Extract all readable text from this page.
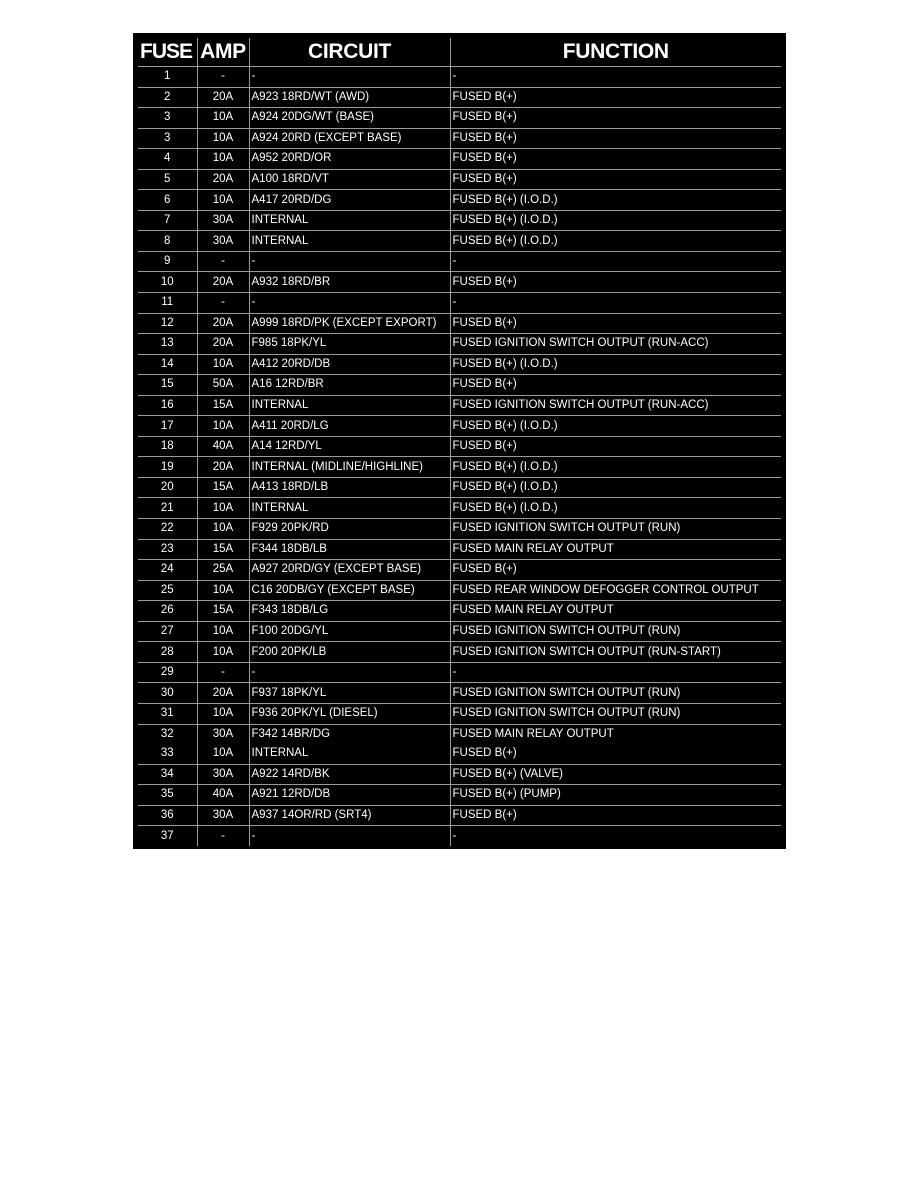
FUSE	AMP	CIRCUIT	FUNCTION
1	-	-	-
2	20A	A923 18RD/WT (AWD)	FUSED B(+)
3	10A	A924 20DG/WT (BASE)	FUSED B(+)
3	10A	A924 20RD (EXCEPT BASE)	FUSED B(+)
4	10A	A952 20RD/OR	FUSED B(+)
5	20A	A100 18RD/VT	FUSED B(+)
6	10A	A417 20RD/DG	FUSED B(+) (I.O.D.)
7	30A	INTERNAL	FUSED B(+) (I.O.D.)
8	30A	INTERNAL	FUSED B(+) (I.O.D.)
9	-	-	-
10	20A	A932 18RD/BR	FUSED B(+)
11	-	-	-
12	20A	A999 18RD/PK (EXCEPT EXPORT)	FUSED B(+)
13	20A	F985 18PK/YL	FUSED IGNITION SWITCH OUTPUT (RUN-ACC)
14	10A	A412 20RD/DB	FUSED B(+) (I.O.D.)
15	50A	A16 12RD/BR	FUSED B(+)
16	15A	INTERNAL	FUSED IGNITION SWITCH OUTPUT (RUN-ACC)
17	10A	A411 20RD/LG	FUSED B(+) (I.O.D.)
18	40A	A14 12RD/YL	FUSED B(+)
19	20A	INTERNAL (MIDLINE/HIGHLINE)	FUSED B(+) (I.O.D.)
20	15A	A413 18RD/LB	FUSED B(+) (I.O.D.)
21	10A	INTERNAL	FUSED B(+) (I.O.D.)
22	10A	F929 20PK/RD	FUSED IGNITION SWITCH OUTPUT (RUN)
23	15A	F344 18DB/LB	FUSED MAIN RELAY OUTPUT
24	25A	A927 20RD/GY (EXCEPT BASE)	FUSED B(+)
25	10A	C16 20DB/GY (EXCEPT BASE)	FUSED REAR WINDOW DEFOGGER CONTROL OUTPUT
26	15A	F343 18DB/LG	FUSED MAIN RELAY OUTPUT
27	10A	F100 20DG/YL	FUSED IGNITION SWITCH OUTPUT (RUN)
28	10A	F200 20PK/LB	FUSED IGNITION SWITCH OUTPUT (RUN-START)
29	-	-	-
30	20A	F937 18PK/YL	FUSED IGNITION SWITCH OUTPUT (RUN)
31	10A	F936 20PK/YL (DIESEL)	FUSED IGNITION SWITCH OUTPUT (RUN)
32	30A	F342 14BR/DG	FUSED MAIN RELAY OUTPUT
33	10A	INTERNAL	FUSED B(+)
34	30A	A922 14RD/BK	FUSED B(+) (VALVE)
35	40A	A921 12RD/DB	FUSED B(+) (PUMP)
36	30A	A937 14OR/RD (SRT4)	FUSED B(+)
37	-	-	-
